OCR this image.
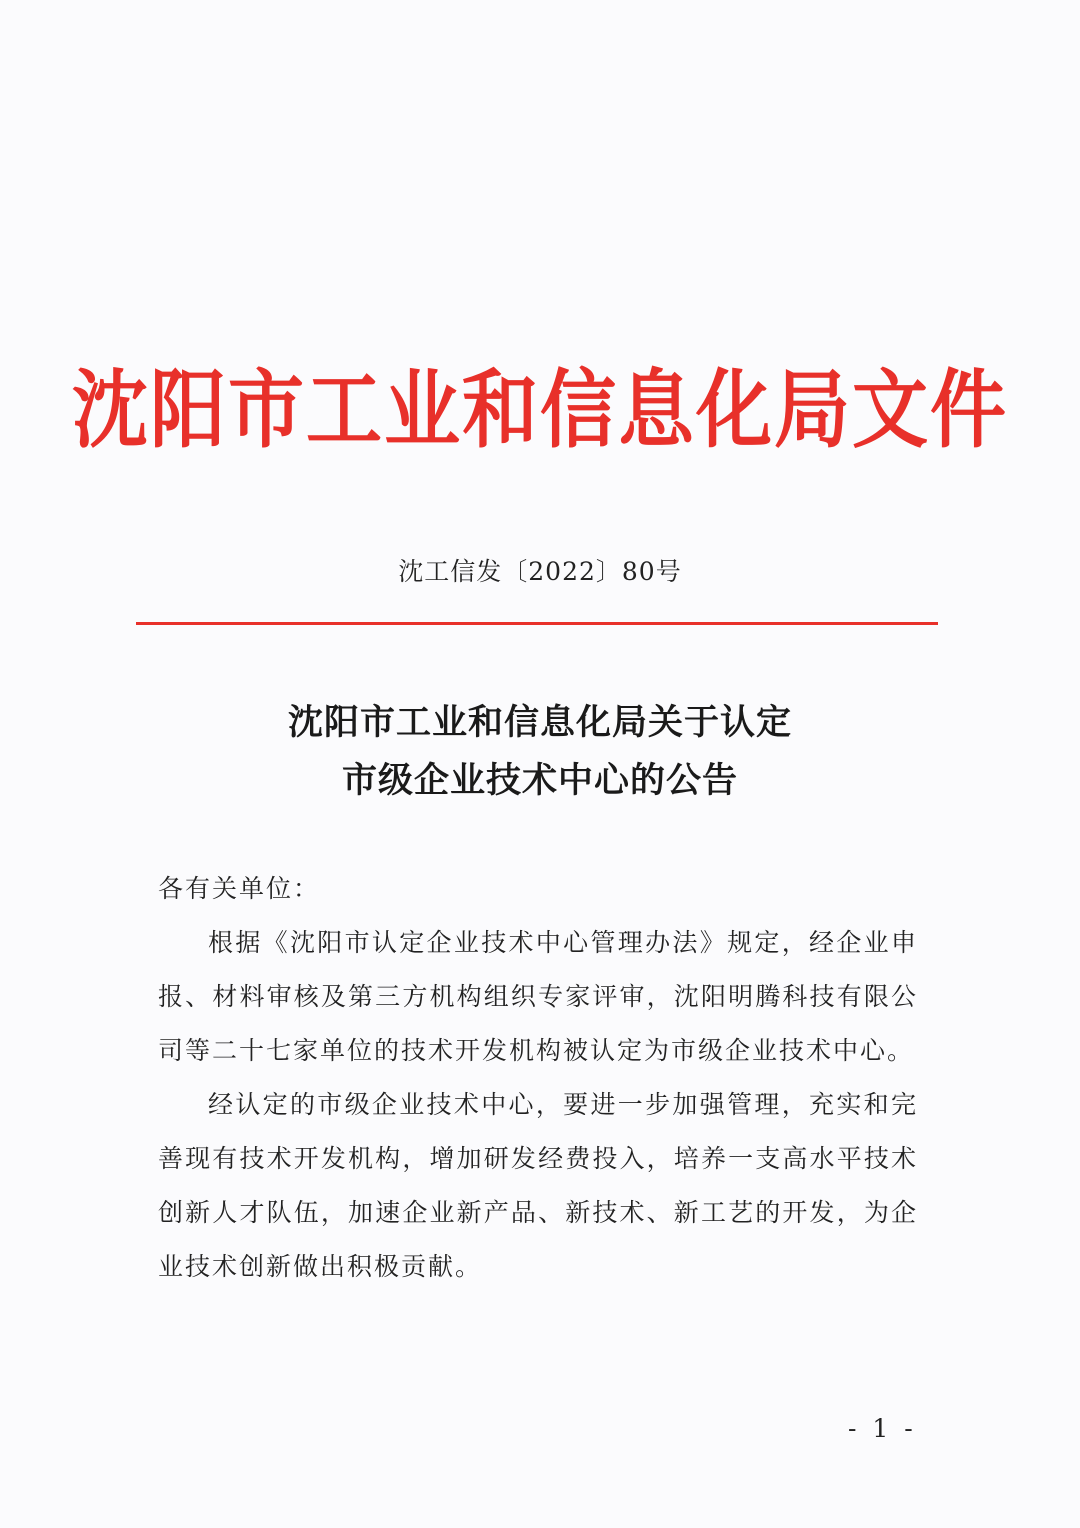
沈阳市工业和信息化局文件
沈工信发〔2022〕80号
沈阳市工业和信息化局关于认定
市级企业技术中心的公告

各有关单位：

根据《沈阳市认定企业技术中心管理办法》规定，经企业申报、材料审核及第三方机构组织专家评审，沈阳明腾科技有限公司等二十七家单位的技术开发机构被认定为市级企业技术中心。

经认定的市级企业技术中心，要进一步加强管理，充实和完善现有技术开发机构，增加研发经费投入，培养一支高水平技术创新人才队伍，加速企业新产品、新技术、新工艺的开发，为企业技术创新做出积极贡献。

- 1 -
